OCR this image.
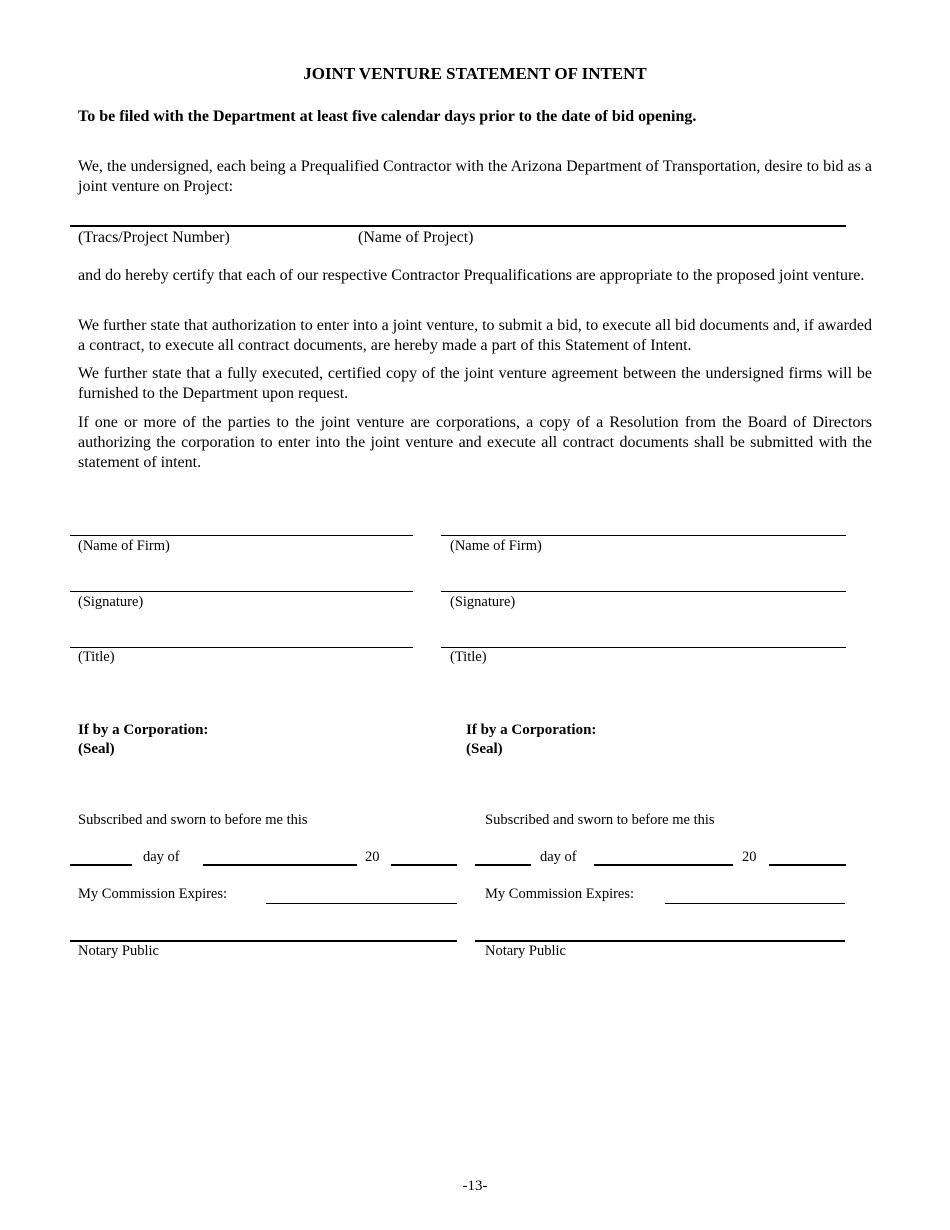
JOINT VENTURE STATEMENT OF INTENT
To be filed with the Department at least five calendar days prior to the date of bid opening.
We, the undersigned, each being a Prequalified Contractor with the Arizona Department of Transportation, desire to bid as a joint venture on Project:
(Tracs/Project Number)	(Name of Project)
and do hereby certify that each of our respective Contractor Prequalifications are appropriate to the proposed joint venture.
We further state that authorization to enter into a joint venture, to submit a bid, to execute all bid documents and, if awarded a contract, to execute all contract documents, are hereby made a part of this Statement of Intent.
We further state that a fully executed, certified copy of the joint venture agreement between the undersigned firms will be furnished to the Department upon request.
If one or more of the parties to the joint venture are corporations, a copy of a Resolution from the Board of Directors authorizing the corporation to enter into the joint venture and execute all contract documents shall be submitted with the statement of intent.
(Name of Firm)
(Signature)
(Title)
If by a Corporation:
(Seal)
Subscribed and sworn to before me this
day of	20
My Commission Expires:
Notary Public
(Name of Firm)
(Signature)
(Title)
If by a Corporation:
(Seal)
Subscribed and sworn to before me this
day of	20
My Commission Expires:
Notary Public
-13-
